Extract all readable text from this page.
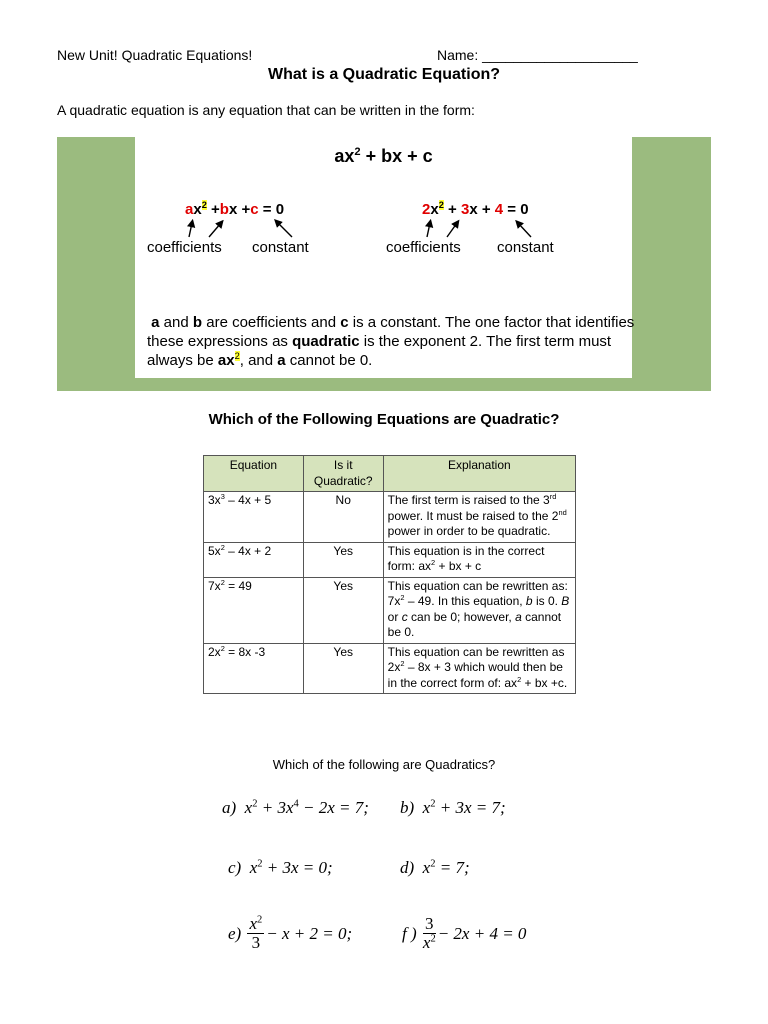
New Unit! Quadratic Equations!	Name: ____________________
What is a Quadratic Equation?
A quadratic equation is any equation that can be written in the form:
$ax^2$ + bx + c
$ax^2 +bx +c = 0$	$2x^2 + 3x + 4 = 0$
coefficients constant	coefficients constant
a and b are coefficients and c is a constant. The one factor that identifies these expressions as quadratic is the exponent 2. The first term must always be $ax^2$, and a cannot be 0.
Which of the Following Equations are Quadratic?
Equation	Is it Quadratic?	Explanation
$3x^3 - 4x + 5$	No	The first term is raised to the 3rd power. It must be raised to the 2nd power in order to be quadratic.
$5x^2 - 4x + 2$	Yes	This equation is in the correct form: $ax^2$ + bx + c
$7x^2 = 49$	Yes	This equation can be rewritten as: $7x^2 - 49$. In this equation, b is 0. B or c can be 0; however, a cannot be 0.
$2x^2 = 8x$ -3	Yes	This equation can be rewritten as $2x^2 - 8x + 3$ which would then be in the correct form of: $ax^2$ + bx +c.
Which of the following are Quadratics?
a) $x^2 + 3x^4 - 2x = 7$; b) $x^2 + 3x = 7$;
c) $x^2 + 3x = 0$;	d) $x^2 = 7$;
e)
$\frac{x^2}{3} - x + 2 = 0$;	f )
$\frac{3}{x^2} - 2x + 4 = 0$
